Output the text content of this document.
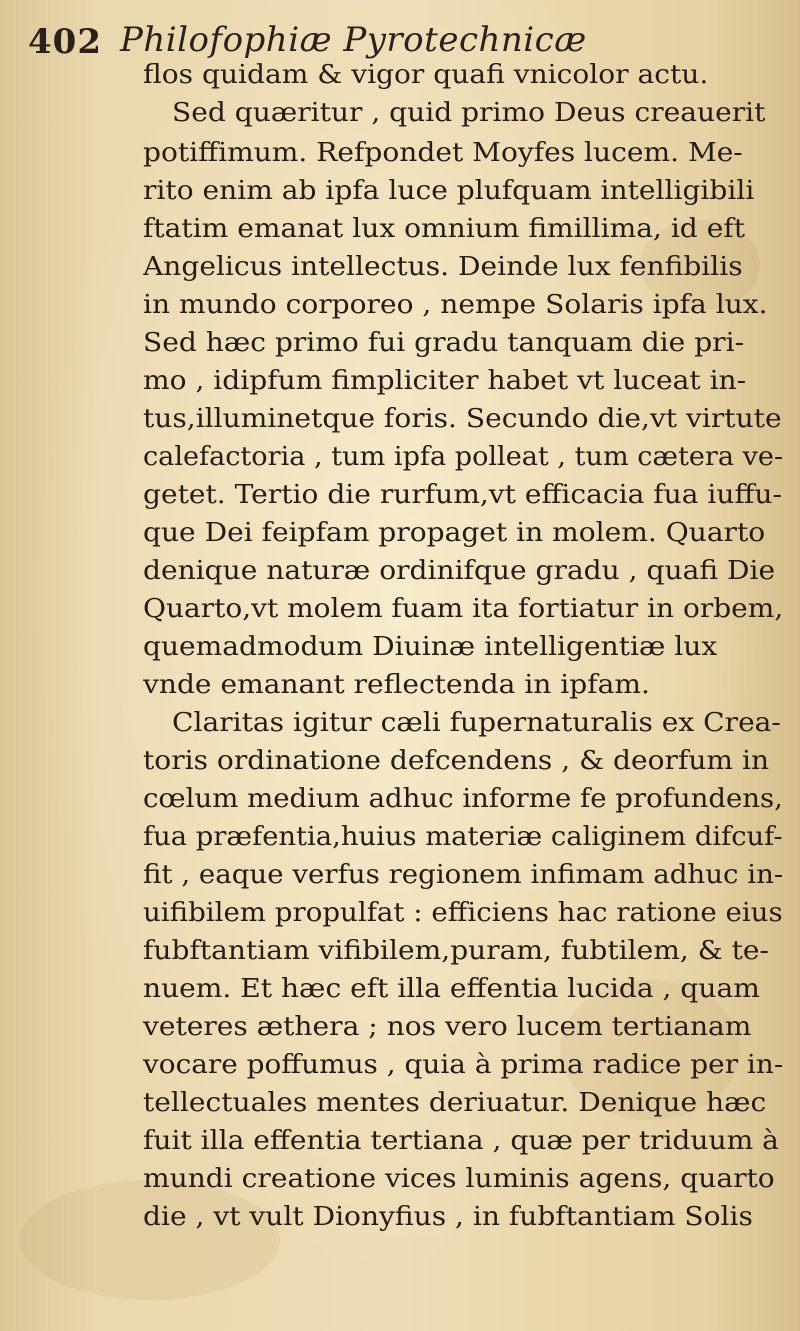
402 Philofophiæ Pyrotechnicæ
flos quidam & vigor quafi vnicolor actu.
Sed quæritur , quid primo Deus creauerit
potiffimum. Refpondet Moyfes lucem. Me-
rito enim ab ipfa luce plufquam intelligibili
ftatim emanat lux omnium fimillima, id eft
Angelicus intellectus. Deinde lux fenfibilis
in mundo corporeo , nempe Solaris ipfa lux.
Sed hæc primo fui gradu tanquam die pri-
mo , idipfum fimpliciter habet vt luceat in-
tus,illuminetque foris. Secundo die,vt virtute
calefactoria , tum ipfa polleat , tum cætera ve-
getet. Tertio die rurfum,vt efficacia fua iuffu-
que Dei feipfam propaget in molem. Quarto
denique naturæ ordinifque gradu , quafi Die
Quarto,vt molem fuam ita fortiatur in orbem,
quemadmodum Diuinæ intelligentiæ lux
vnde emanant reflectenda in ipfam.
Claritas igitur cæli fupernaturalis ex Crea-
toris ordinatione defcendens , & deorfum in
cœlum medium adhuc informe fe profundens,
fua præfentia,huius materiæ caliginem difcuf-
fit , eaque verfus regionem infimam adhuc in-
uifibilem propulfat : efficiens hac ratione eius
fubftantiam vifibilem,puram, fubtilem, & te-
nuem. Et hæc eft illa effentia lucida , quam
veteres æthera ; nos vero lucem tertianam
vocare poffumus , quia à prima radice per in-
tellectuales mentes deriuatur. Denique hæc
fuit illa effentia tertiana , quæ per triduum à
mundi creatione vices luminis agens, quarto
die , vt vult Dionyfius , in fubftantiam Solis
